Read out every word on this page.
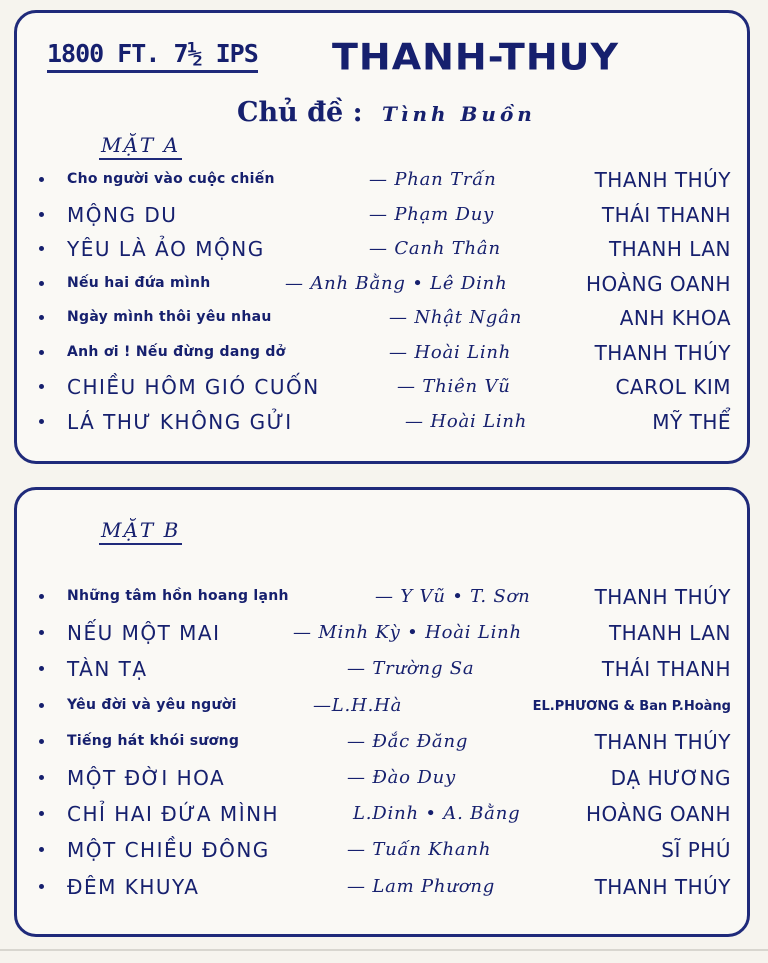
1800 FT. 7½ IPS THANH-THUY
Chủ đề : Tình Buồn
MẶT A
Cho người vào cuộc chiến	— Phan Trấn	THANH THÚY
MỘNG DU	— Phạm Duy	THÁI THANH
YÊU LÀ ẢO MỘNG	— Canh Thân	THANH LAN
Nếu hai đứa mình	— Anh Bằng • Lê Dinh	HOÀNG OANH
Ngày mình thôi yêu nhau	— Nhật Ngân	ANH KHOA
Anh ơi ! Nếu đừng dang dở	— Hoài Linh	THANH THÚY
CHIỀU HÔM GIÓ CUỐN	— Thiên Vũ	CAROL KIM
LÁ THƯ KHÔNG GỬI	— Hoài Linh	MỸ THỂ
MẶT B
Những tâm hồn hoang lạnh	— Y Vũ • T. Sơn	THANH THÚY
NẾU MỘT MAI	— Minh Kỳ • Hoài Linh	THANH LAN
TÀN TẠ	— Trường Sa	THÁI THANH
Yêu đời và yêu người	—L.H.Hà	EL.PHƯƠNG & Ban P.Hoàng
Tiếng hát khói sương	— Đắc Đăng	THANH THÚY
MỘT ĐỜI HOA	— Đào Duy	DẠ HƯƠNG
CHỈ HAI ĐỨA MÌNH	L.Dinh • A. Bằng	HOÀNG OANH
MỘT CHIỀU ĐÔNG	— Tuấn Khanh	SĨ PHÚ
ĐÊM KHUYA	— Lam Phương	THANH THÚY
